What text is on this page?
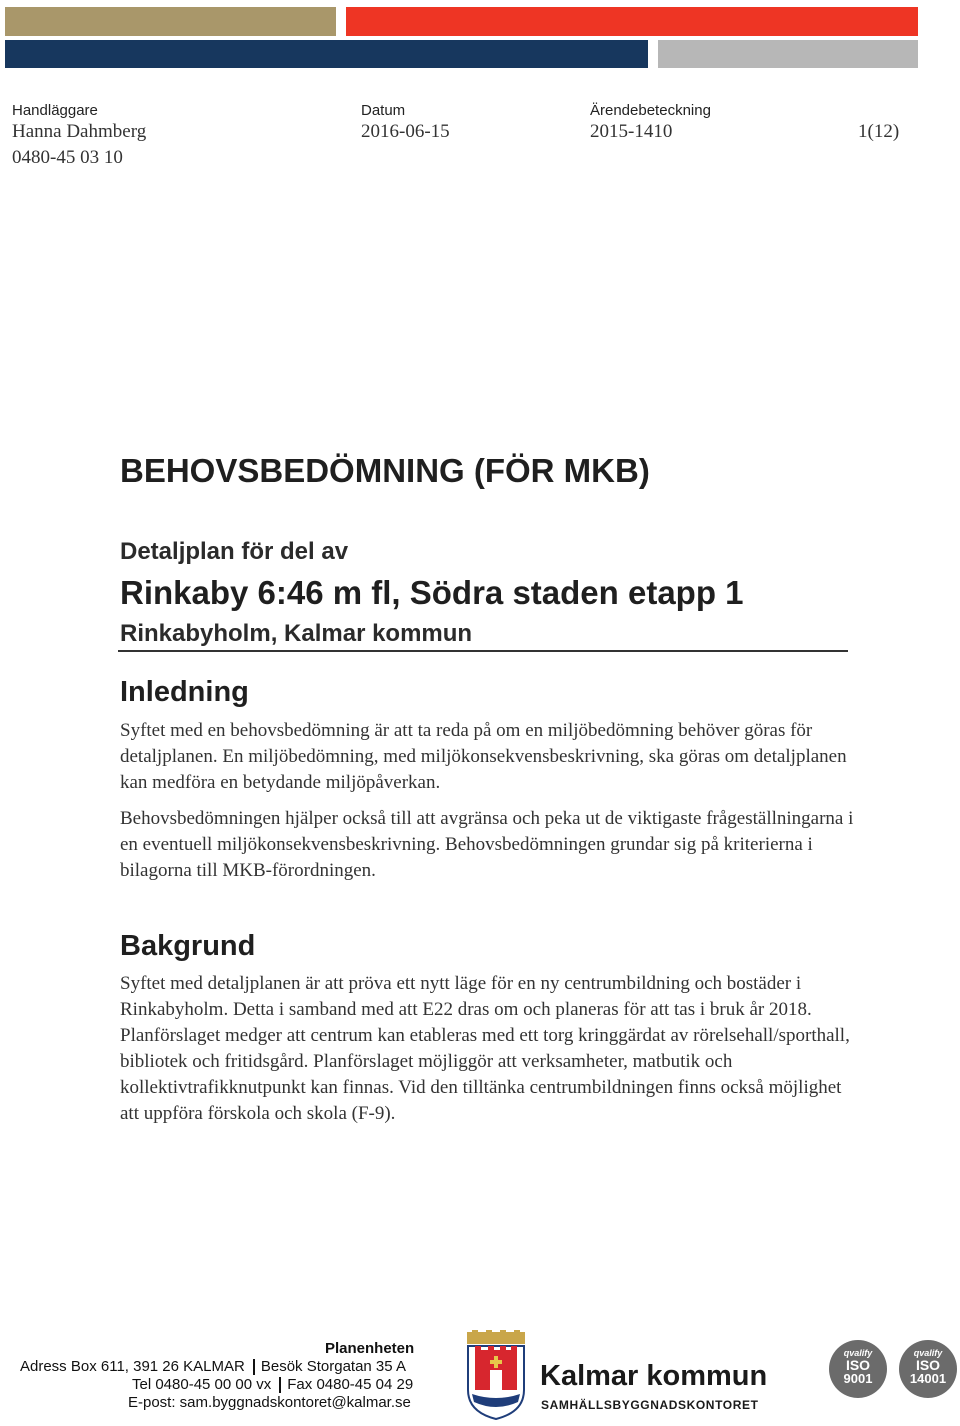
Handläggare
Hanna Dahmberg
0480-45 03 10
Datum
2016-06-15
Ärendebeteckning
2015-1410	1(12)
BEHOVSBEDÖMNING (FÖR MKB)
Detaljplan för del av
Rinkaby 6:46 m fl, Södra staden etapp 1
Rinkabyholm, Kalmar kommun
Inledning

Syftet med en behovsbedömning är att ta reda på om en miljöbedömning behöver göras för detaljplanen. En miljöbedömning, med miljökonsekvensbeskrivning, ska göras om detaljplanen kan medföra en betydande miljöpåverkan.

Behovsbedömningen hjälper också till att avgränsa och peka ut de viktigaste frågeställningarna i en eventuell miljökonsekvensbeskrivning. Behovsbedömningen grundar sig på kriterierna i bilagorna till MKB-förordningen.

Bakgrund

Syftet med detaljplanen är att pröva ett nytt läge för en ny centrumbildning och bostäder i Rinkabyholm. Detta i samband med att E22 dras om och planeras för att tas i bruk år 2018. Planförslaget medger att centrum kan etableras med ett torg kringgärdat av rörelsehall/sporthall, bibliotek och fritidsgård. Planförslaget möjliggör att verksamheter, matbutik och kollektivtrafikknutpunkt kan finnas. Vid den tilltänka centrumbildningen finns också möjlighet att uppföra förskola och skola (F-9).

Planenheten
Adress Box 611, 391 26 KALMAR Besök Storgatan 35 A
Tel 0480-45 00 00 vx Fax 0480-45 04 29
E-post: sam.byggnadskontoret@kalmar.se
Kalmar kommun
SAMHÄLLSBYGGNADSKONTORET
qvalify
ISO
9001
qvalify
ISO
14001
